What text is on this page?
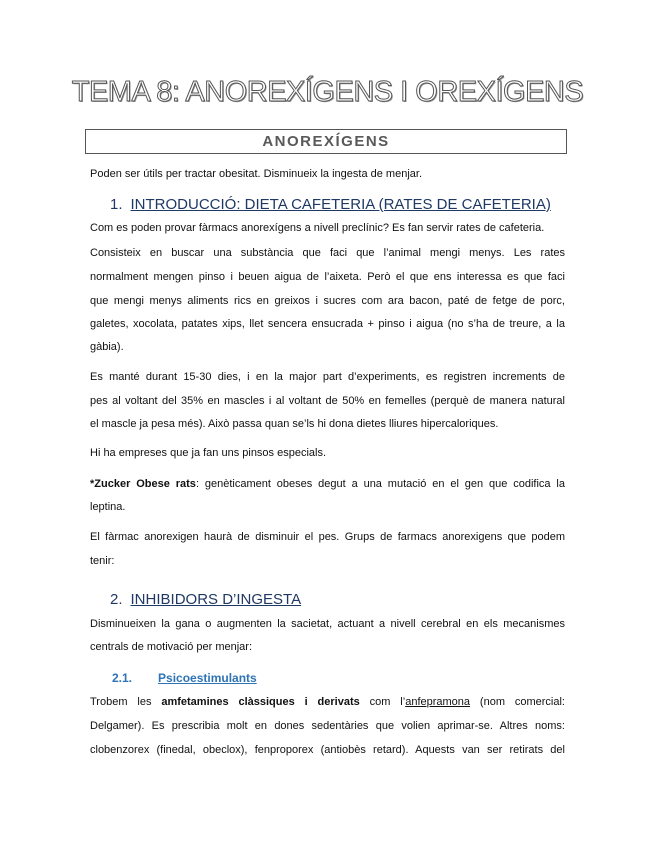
TEMA 8: ANOREXÍGENS I OREXÍGENS
ANOREXÍGENS
Poden ser útils per tractar obesitat. Disminueix la ingesta de menjar.
1. INTRODUCCIÓ: DIETA CAFETERIA (RATES DE CAFETERIA)
Com es poden provar fàrmacs anorexígens a nivell preclínic? Es fan servir rates de cafeteria.
Consisteix en buscar una substància que faci que l’animal mengi menys. Les rates
normalment mengen pinso i beuen aigua de l’aixeta. Però el que ens interessa es que faci
que mengi menys aliments rics en greixos i sucres com ara bacon, paté de fetge de porc,
galetes, xocolata, patates xips, llet sencera ensucrada + pinso i aigua (no s’ha de treure, a la
gàbia).
Es manté durant 15-30 dies, i en la major part d’experiments, es registren increments de
pes al voltant del 35% en mascles i al voltant de 50% en femelles (perquè de manera natural
el mascle ja pesa més). Això passa quan se’ls hi dona dietes lliures hipercaloriques.
Hi ha empreses que ja fan uns pinsos especials.
*Zucker Obese rats: genèticament obeses degut a una mutació en el gen que codifica la
leptina.
El fàrmac anorexigen haurà de disminuir el pes. Grups de farmacs anorexigens que podem
tenir:
2. INHIBIDORS D’INGESTA
Disminueixen la gana o augmenten la sacietat, actuant a nivell cerebral en els mecanismes
centrals de motivació per menjar:
2.1. Psicoestimulants
Trobem les amfetamines clàssiques i derivats com l’anfepramona (nom comercial:
Delgamer). Es prescribia molt en dones sedentàries que volien aprimar-se. Altres noms:
clobenzorex (finedal, obeclox), fenproporex (antiobès retard). Aquests van ser retirats del
